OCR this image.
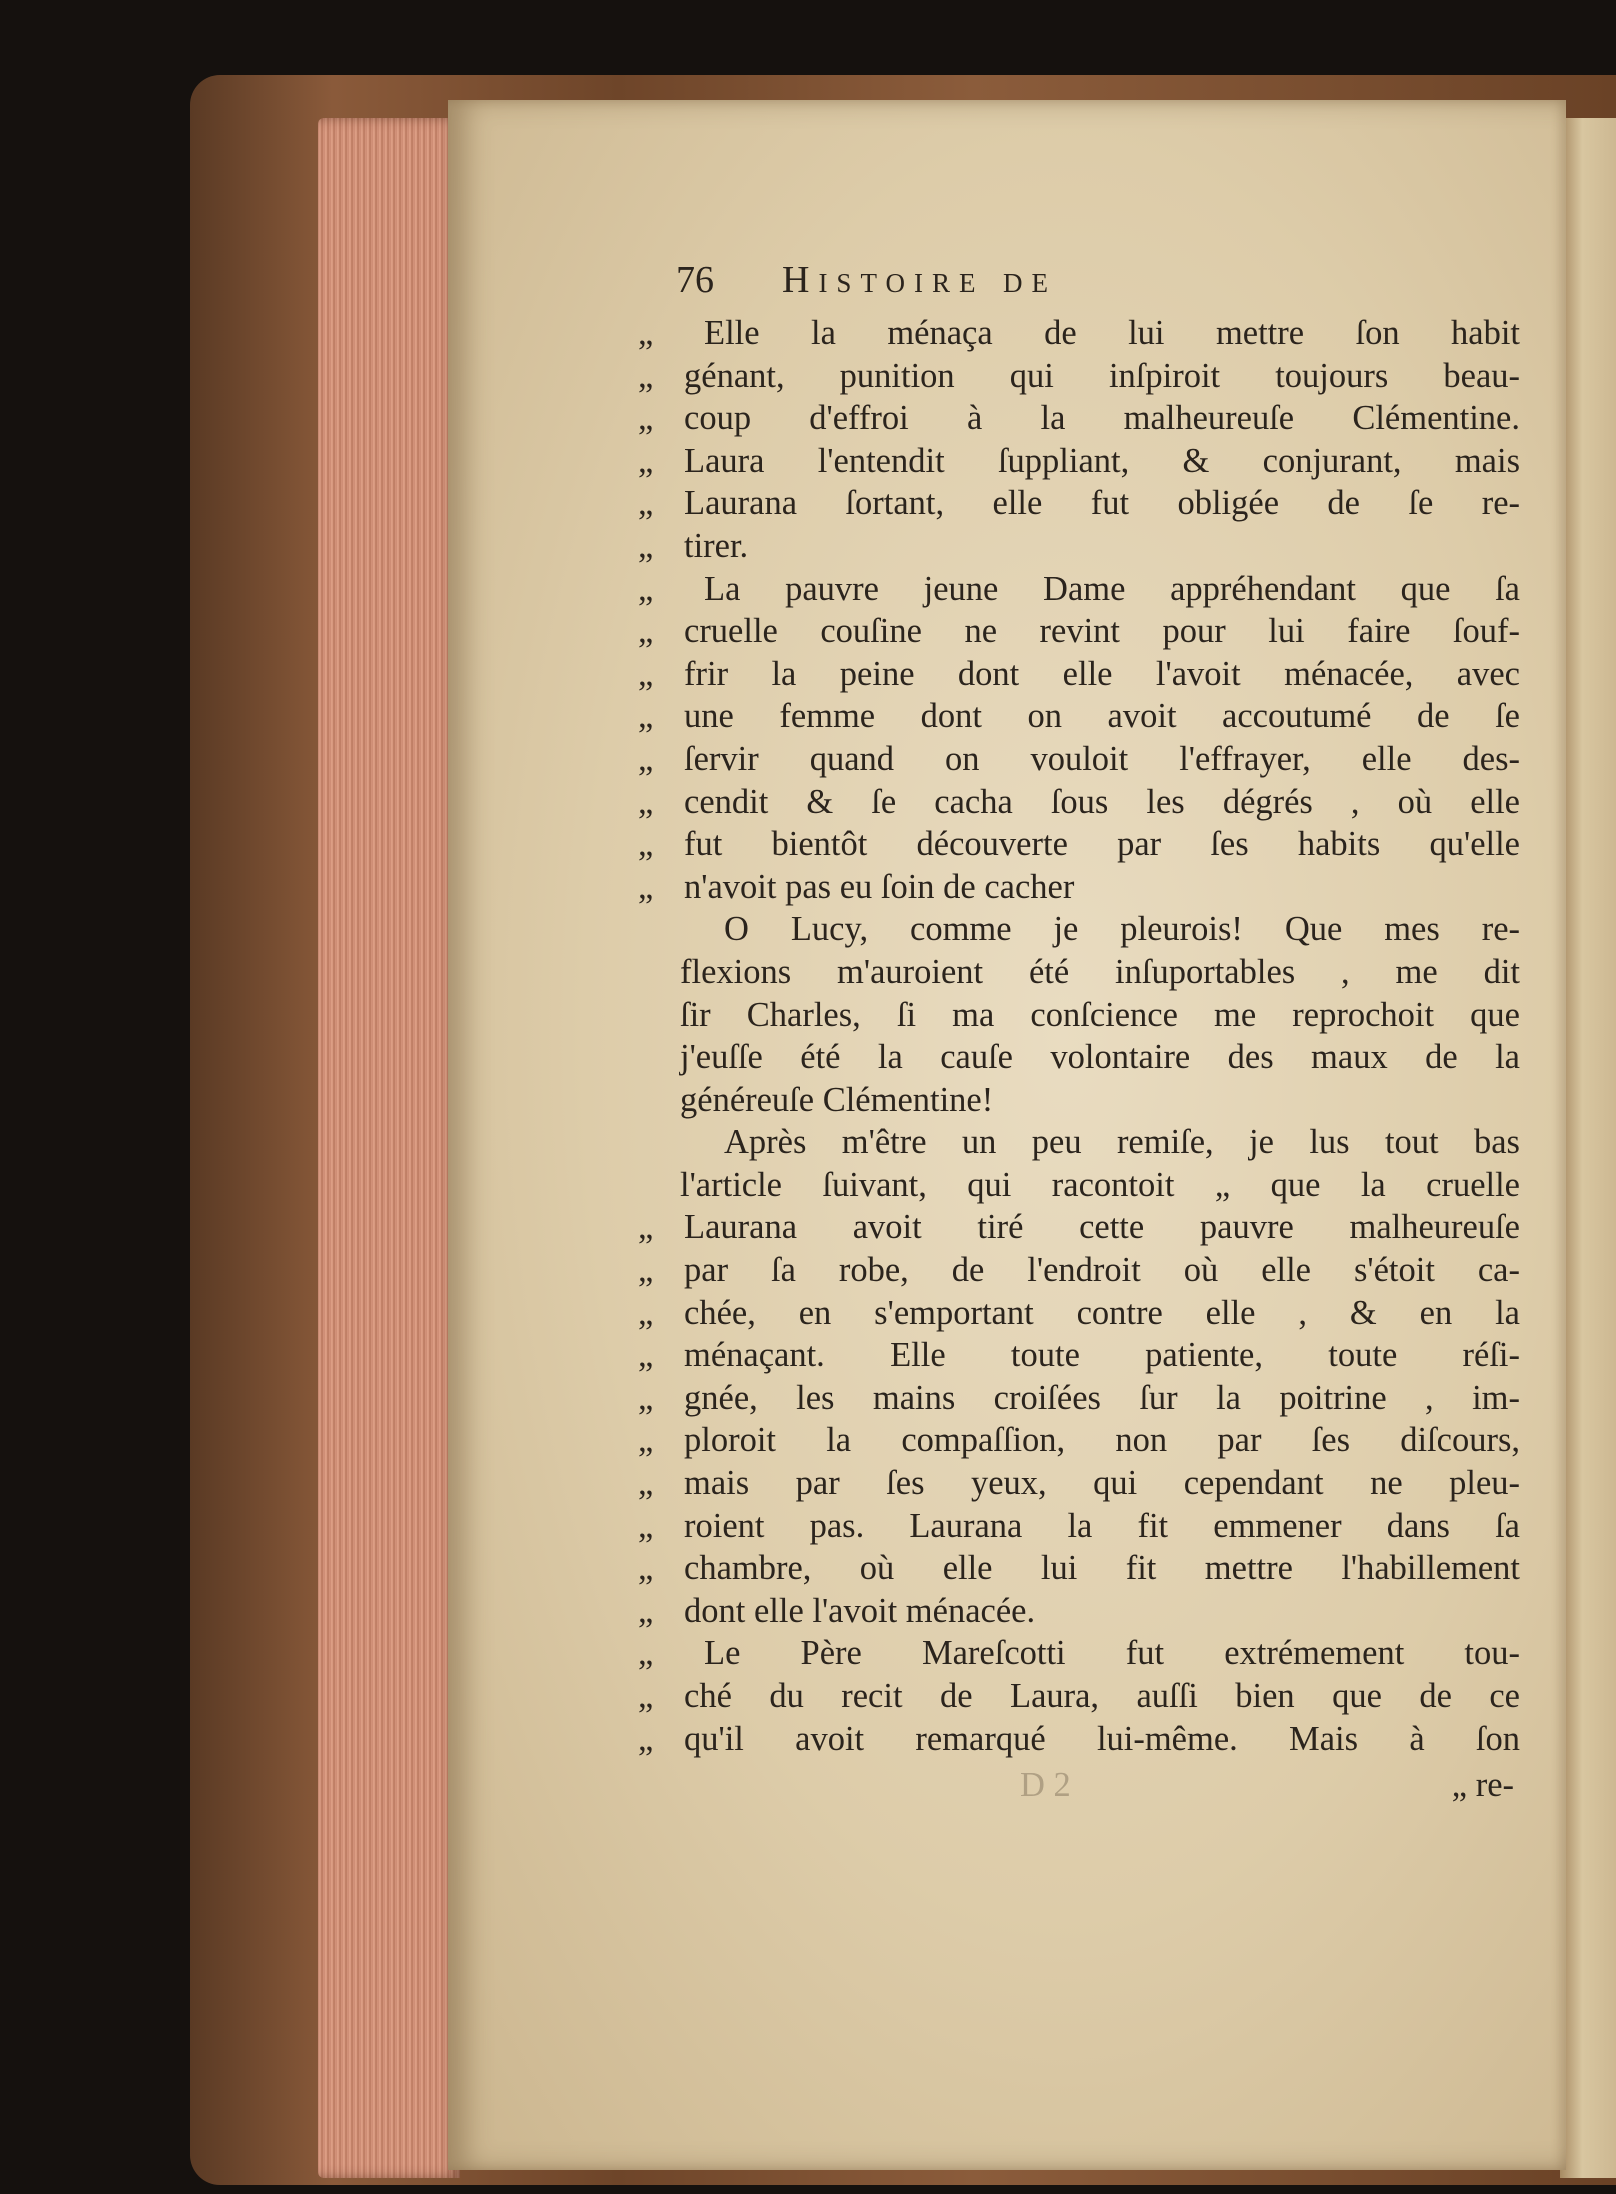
76 Histoire de
„	Elle la ménaça de lui mettre ſon habit
„ génant, punition qui inſpiroit toujours beau-
„ coup d'effroi à la malheureuſe Clémentine.
„ Laura l'entendit ſuppliant, & conjurant, mais
„ Laurana ſortant, elle fut obligée de ſe re-
„ tirer.
„	La pauvre jeune Dame appréhendant que ſa
„ cruelle couſine ne revint pour lui faire ſouf-
„ frir la peine dont elle l'avoit ménacée, avec
„ une femme dont on avoit accoutumé de ſe
„ ſervir quand on vouloit l'effrayer, elle des-
„ cendit & ſe cacha ſous les dégrés , où elle
„ fut bientôt découverte par ſes habits qu'elle
„ n'avoit pas eu ſoin de cacher
O Lucy, comme je pleurois! Que mes re-
flexions m'auroient été inſuportables , me dit
ſir Charles, ſi ma conſcience me reprochoit que
j'euſſe été la cauſe volontaire des maux de la
généreuſe Clémentine!
Après m'être un peu remiſe, je lus tout bas
l'article ſuivant, qui racontoit „ que la cruelle
„ Laurana avoit tiré cette pauvre malheureuſe
„ par ſa robe, de l'endroit où elle s'étoit ca-
„ chée, en s'emportant contre elle , & en la
„ ménaçant. Elle toute patiente, toute réſi-
„ gnée, les mains croiſées ſur la poitrine , im-
„ ploroit la compaſſion, non par ſes diſcours,
„ mais par ſes yeux, qui cependant ne pleu-
„ roient pas. Laurana la fit emmener dans ſa
„ chambre, où elle lui fit mettre l'habillement
„ dont elle l'avoit ménacée.
„	Le Père Mareſcotti fut extrémement tou-
„ ché du recit de Laura, auſſi bien que de ce
„ qu'il avoit remarqué lui-même. Mais à ſon
D 2	„ re-
